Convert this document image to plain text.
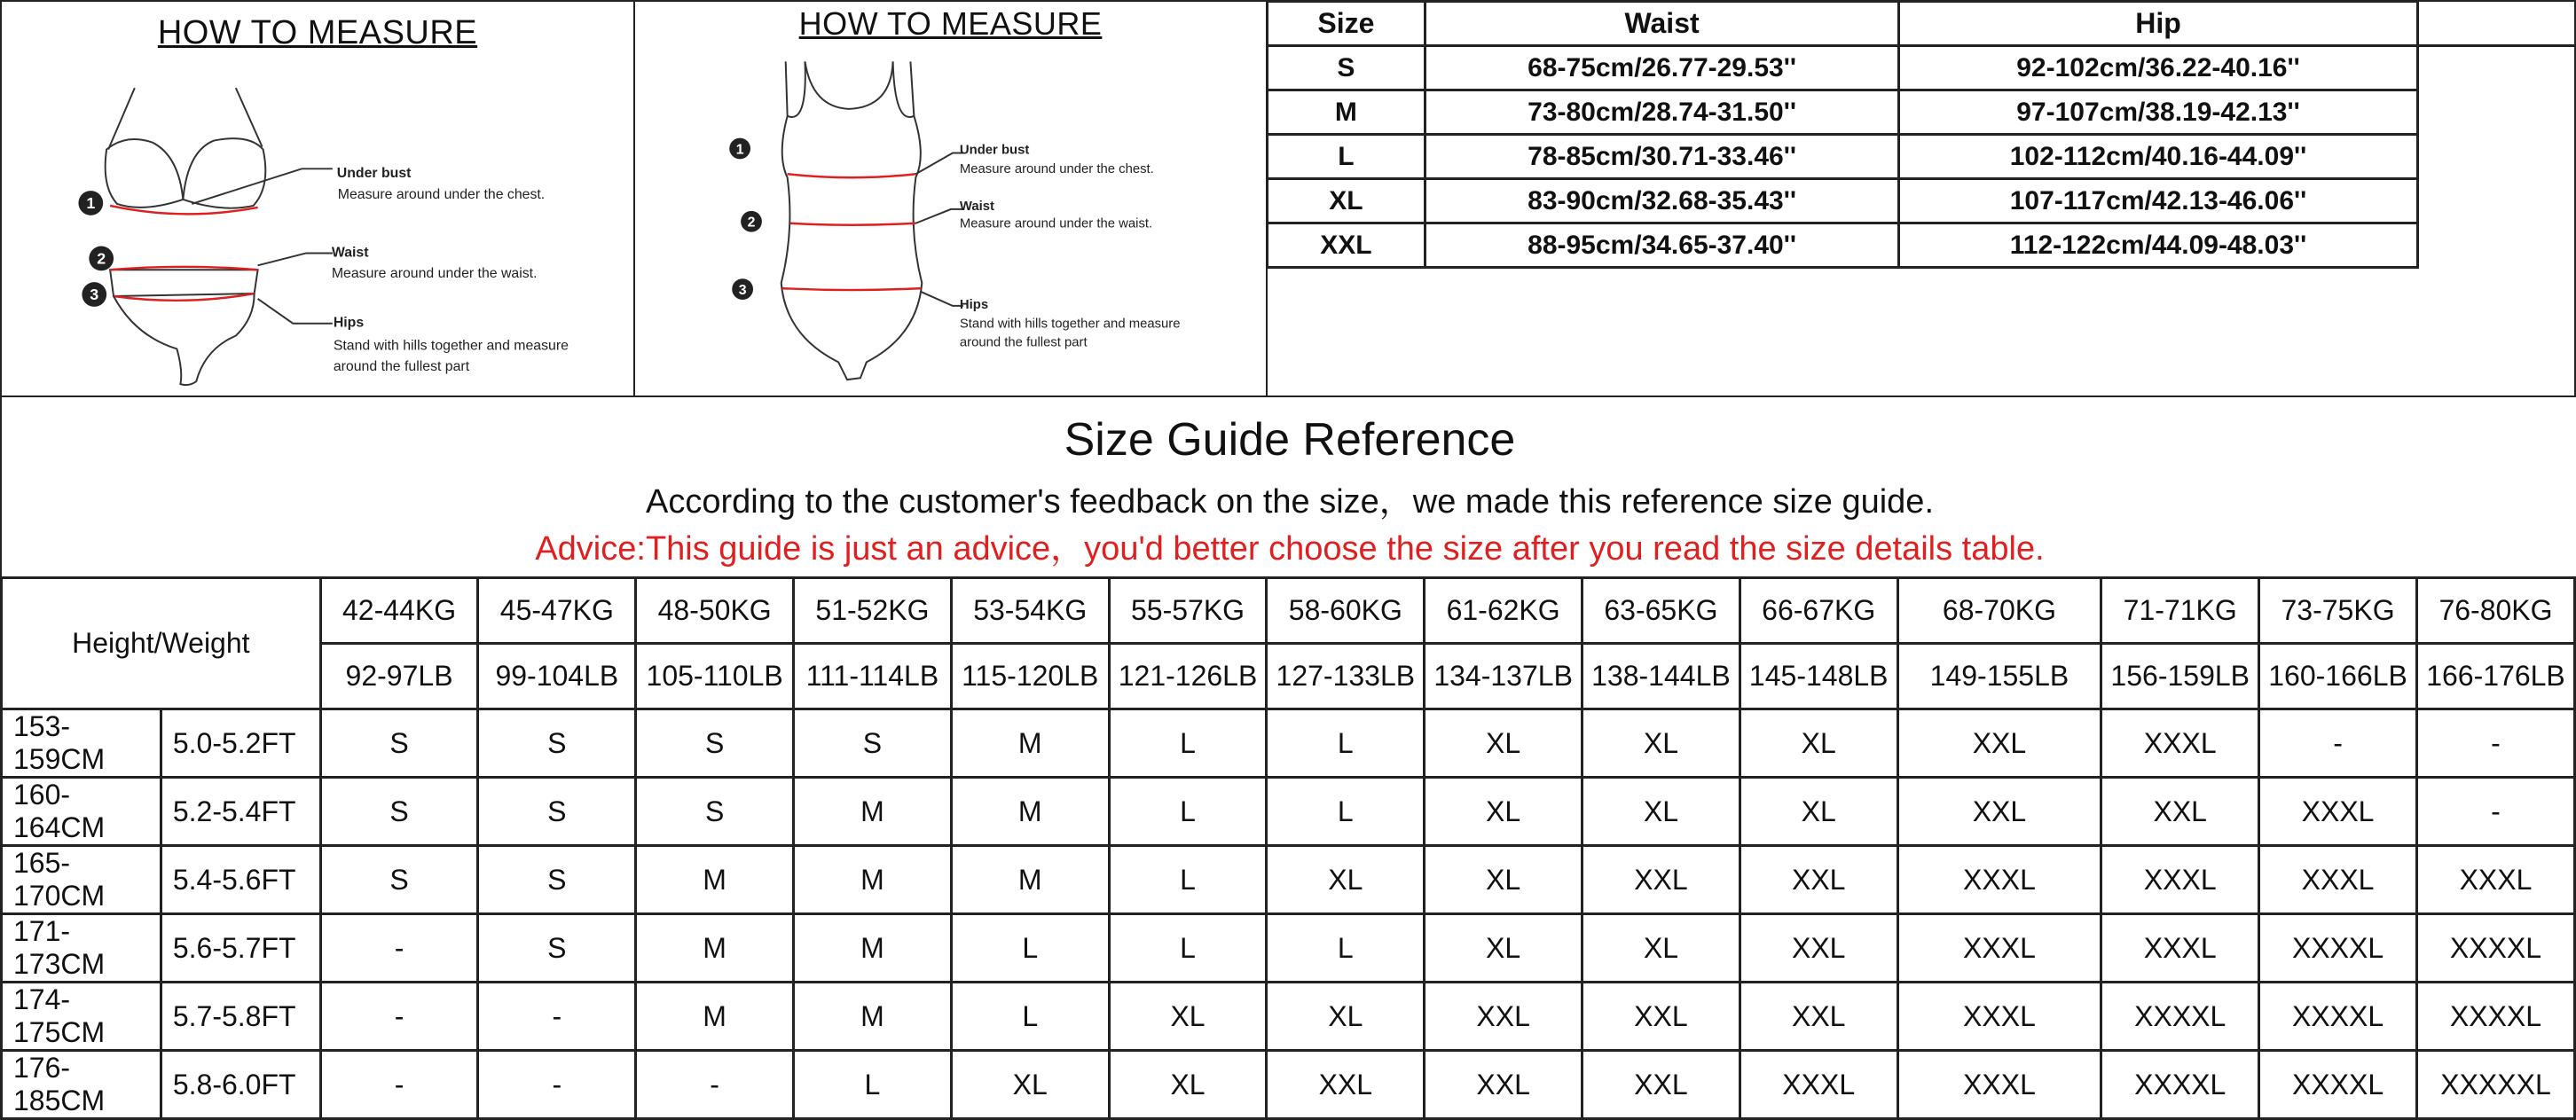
HOW TO MEASURE
1
2
3
Under bust
Measure around under the chest.
Waist
Measure around under the waist.
Hips
Stand with hills together and measure
around the fullest part
HOW TO MEASURE
1
2
3
Under bust
Measure around under the chest.
Waist
Measure around under the waist.
Hips
Stand with hills together and measure
around the fullest part
Size	Waist	Hip	
S	68-75cm/26.77-29.53''	92-102cm/36.22-40.16''	
M	73-80cm/28.74-31.50''	97-107cm/38.19-42.13''	
L	78-85cm/30.71-33.46''	102-112cm/40.16-44.09''	
XL	83-90cm/32.68-35.43''	107-117cm/42.13-46.06''	
XXL	88-95cm/34.65-37.40''	112-122cm/44.09-48.03''	
Size Guide Reference
According to the customer's feedback on the size，we made this reference size guide.
Advice:This guide is just an advice，you'd better choose the size after you read the size details table.
Height/Weight		42-44KG	45-47KG	48-50KG	51-52KG	53-54KG	55-57KG	58-60KG	61-62KG	63-65KG	66-67KG	68-70KG	71-71KG	73-75KG	76-80KG
		92-97LB	99-104LB	105-110LB	111-114LB	115-120LB	121-126LB	127-133LB	134-137LB	138-144LB	145-148LB	149-155LB	156-159LB	160-166LB	166-176LB
153-159CM	5.0-5.2FT	S	S	S	S	M	L	L	XL	XL	XL	XXL	XXXL	-	-
160-164CM	5.2-5.4FT	S	S	S	M	M	L	L	XL	XL	XL	XXL	XXL	XXXL	-
165-170CM	5.4-5.6FT	S	S	M	M	M	L	XL	XL	XXL	XXL	XXXL	XXXL	XXXL	XXXL
171-173CM	5.6-5.7FT	-	S	M	M	L	L	L	XL	XL	XXL	XXXL	XXXL	XXXXL	XXXXL
174-175CM	5.7-5.8FT	-	-	M	M	L	XL	XL	XXL	XXL	XXL	XXXL	XXXXL	XXXXL	XXXXL
176-185CM	5.8-6.0FT	-	-	-	L	XL	XL	XXL	XXL	XXL	XXXL	XXXL	XXXXL	XXXXL	XXXXXL
